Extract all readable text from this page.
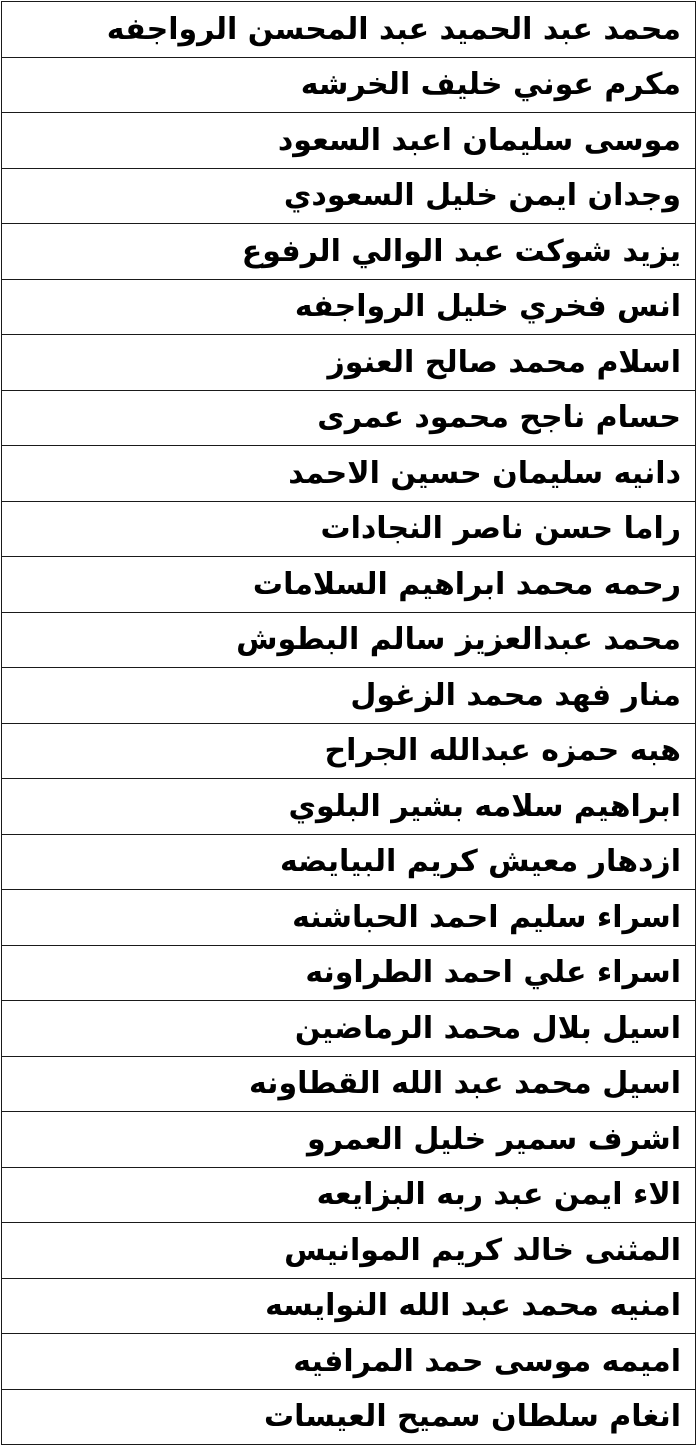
محمد عبد الحميد عبد المحسن الرواجفه
مكرم عوني خليف الخرشه
موسى سليمان اعبد السعود
وجدان ايمن خليل السعودي
يزيد شوكت عبد الوالي الرفوع
انس فخري خليل الرواجفه
اسلام محمد صالح العنوز
حسام ناجح محمود عمرى
دانيه سليمان حسين الاحمد
راما حسن ناصر النجادات
رحمه محمد ابراهيم السلامات
محمد عبدالعزيز سالم البطوش
منار فهد محمد الزغول
هبه حمزه عبدالله الجراح
ابراهيم سلامه بشير البلوي
ازدهار معيش كريم البيايضه
اسراء سليم احمد الحباشنه
اسراء علي احمد الطراونه
اسيل بلال محمد الرماضين
اسيل محمد عبد الله القطاونه
اشرف سمير خليل العمرو
الاء ايمن عبد ربه البزايعه
المثنى خالد كريم الموانيس
امنيه محمد عبد الله النوايسه
اميمه موسى حمد المرافيه
انغام سلطان سميح العيسات
